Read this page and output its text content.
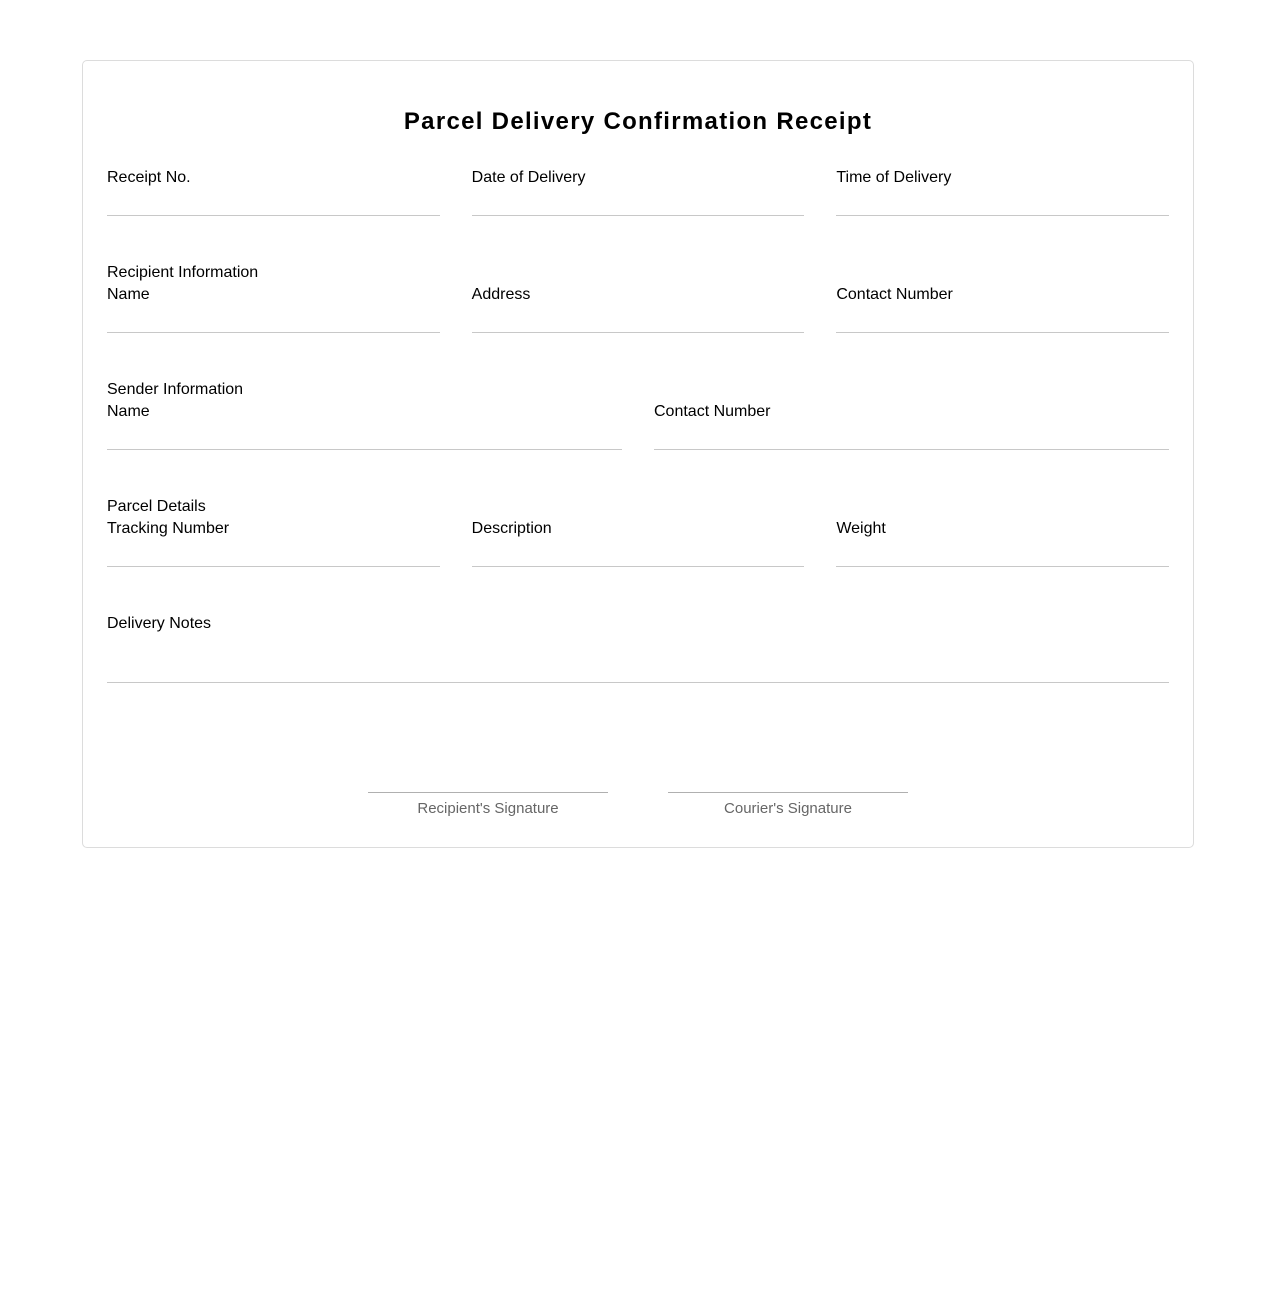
Parcel Delivery Confirmation Receipt
Receipt No.	Date of Delivery	Time of Delivery
Recipient Information
Name	Address	Contact Number
Sender Information
Name	Contact Number
Parcel Details
Tracking Number	Description	Weight
Delivery Notes
Recipient's Signature	Courier's Signature
